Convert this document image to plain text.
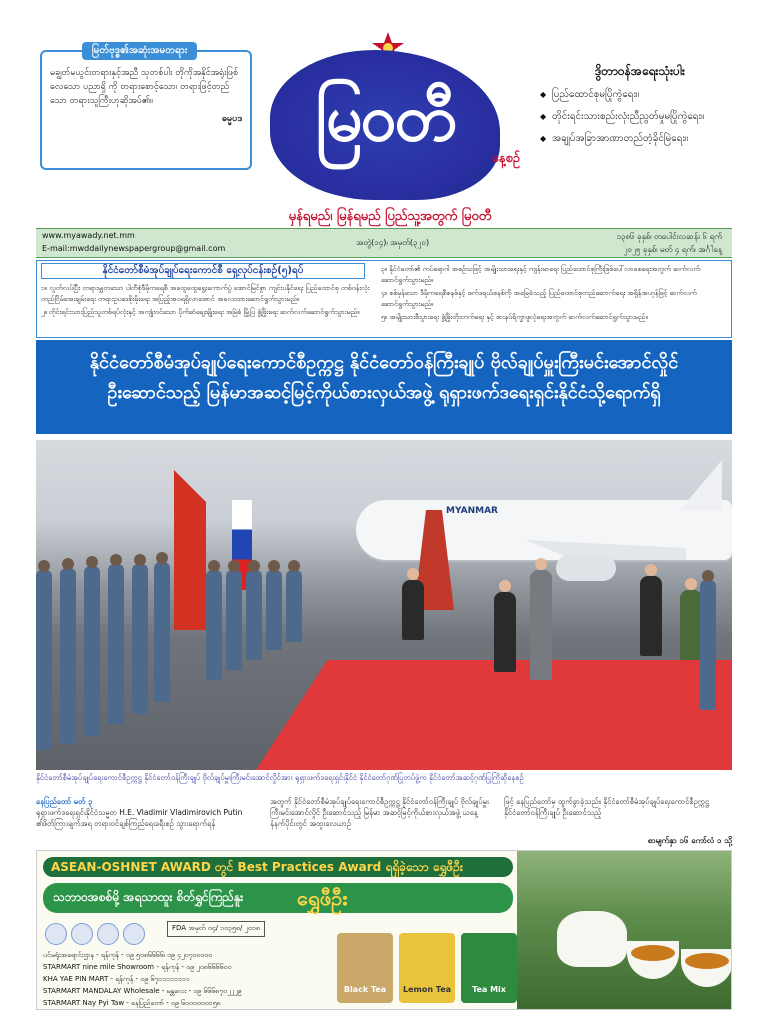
မြတ်ဗုဒ္ဓ၏အဆုံးအမတရား
မချွတ်မယွင်းတရားနှင့်အညီ သုတစ်ပါး တိုကိုအနိုင်အရုံးဖြစ်လေသော ပညာရှိ ကို တရားစောင့်သော၊ တရားဖြင့်တည်သော တရားသူကြီးဟုဆိုအပ်၏။
ဓမ္မပဒ	မြဝတီ
နေ့စဉ်
မှန်ရမည်၊ မြန်ရမည် ပြည်သူ့အတွက် မြဝတီ
ဒွိတာဝန်အရေးသုံးပါး
◆ ပြည်ထောင်စုမပြိုကွဲရေး။
◆ တိုင်းရင်းသားစည်းလုံးညီညွတ်မှုမပြိုကွဲရေး။
◆ အချုပ်အခြာအာဏာတည်တံ့ခိုင်မြဲရေး။
www.myawady.net.mm
E-mail:mwddailynewspapergroup@gmail.com
အတွဲ(၁၄)၊ အမှတ်(၃၂၀)
၁၃၈၆ ခုနှစ်၊ တပေါင်းလဆန်း ၆ ရက်
၂၀၂၅ ခုနှစ်၊ မတ် ၄ ရက်၊ အင်္ဂါနေ့
နိုင်ငံတော်စီမံအုပ်ချုပ်ရေးကောင်စီ ရှေ့လုပ်ငန်းစဉ်(၅)ရပ်

၁။ လွတ်လပ်ပြီး တရားမျှတသော ပါတီစုံဒီမိုကရေစီ အထွေထွေရွေးကောက်ပွဲ အောင်မြင်စွာ ကျင်းပနိုင်ရေး ပြည်ထောင်စု တစ်ဝန်းလုံး တည်ငြိမ်အေးချမ်းရေး တရားဥပဒေစိုးမိုးရေး အပြည့်အဝရရှိလာအောင် အလေးထားဆောင်ရွက်သွားမည်။

၂။ တိုင်းရင်းသားပြည်သူတစ်ရပ်လုံးနှင့် အကျုံးဝင်သော ပိုက်ဆံချေးချိုးရေး အမြဲခံ မြို့ပြ ဖွံ့ဖြိုးရေး ဆက်လက်ဆောင်ရွက်သွားမည်။

၃။ နိုင်ငံတော်၏ ကပ်ရောဂါ အစဉ်သဖြင့် အမျိုးသားရေးနှင့် ကျန်းမာရေး ပြည်ထောင်စုကြီးဖြစ်ပေါ်လာစေရေးအတွက် ဆက်လက်ဆောင်ရွက်သွားမည်။

၄။ စစ်မှန်သော ဒီမိုကရေစီစနစ်နှင့် ဖက်ဒရယ်စနစ်ကို အခြေခံသည့် ပြည်ထောင်စုတည်ဆောက်ရေး အရှိန်အဟုန်ဖြင့် ဆက်လက်ဆောင်ရွက်သွားမည်။

၅။ အမျိုးသားစီးပွားရေး ဖွံ့ဖြိုးတိုးတက်ရေး နှင့် စားနပ်ရိက္ခာဖူလုံရေးအတွက် ဆက်လက်ဆောင်ရွက်သွားမည်။

နိုင်ငံတော်စီမံအုပ်ချုပ်ရေးကောင်စီဥက္ကဋ္ဌ နိုင်ငံတော်ဝန်ကြီးချုပ် ဗိုလ်ချုပ်မှူးကြီးမင်းအောင်လှိုင်
ဦးဆောင်သည့် မြန်မာအဆင့်မြင့်ကိုယ်စားလှယ်အဖွဲ့ ရုရှားဖက်ဒရေးရှင်းနိုင်ငံသို့ရောက်ရှိ
MYANMAR
နိုင်ငံတော်စီမံအုပ်ချုပ်ရေးကောင်စီဥက္ကဋ္ဌ နိုင်ငံတော်ဝန်ကြီးချုပ် ဗိုလ်ချုပ်မှူးကြီးမင်းအောင်လှိုင်အား ရုရှားဖက်ဒရေးရှင်းနိုင်ငံ နိုင်ငံတော်ဂုဏ်ပြုတပ်ဖွဲ့က နိုင်ငံတော်အဆင့်ဂုဏ်ပြုကြိုဆိုနေစဉ်
နေပြည်တော် မတ် ၃
ရုရှားဖက်ဒရေးရှင်းနိုင်ငံသမ္မတ H.E. Vladimir Vladimirovich Putin ၏ဖိတ်ကြားချက်အရ တရားဝင်ချစ်ကြည်ရေးခရီးစဉ် သွားရောက်ရန်
အတွက် နိုင်ငံတော်စီမံအုပ်ချုပ်ရေးကောင်စီဥက္ကဋ္ဌ နိုင်ငံတော်ဝန်ကြီးချုပ် ဗိုလ်ချုပ်မှူးကြီးမင်းအောင်လှိုင် ဦးဆောင်သည့် မြန်မာ အဆင့်မြင့်ကိုယ်စားလှယ်အဖွဲ့ ယနေ့နံနက်ပိုင်းတွင် အထူးလေယာဉ်
ဖြင့် နေပြည်တော်မှ ထွက်ခွာခဲ့သည်။ နိုင်ငံတော်စီမံအုပ်ချုပ်ရေးကောင်စီဥက္ကဋ္ဌ နိုင်ငံတော်ဝန်ကြီးချုပ် ဦးဆောင်သည့်
စာမျက်နှာ ၁၆ ကော်လံ ၁ သို့
ASEAN-OSHNET AWARD တွင် Best Practices Award ရရှိခဲ့သော ရွှေဖီဦး
သဘာဝအစစ်မို့ အရသာထူး စိတ်ရွှင်ကြည်နူး	ရွှေဖီဦး
FDA အမှတ် ၀၄/ ၁၀၃၅၈/ ၂၀၁၈
ပင်မရုံးအရောင်းဌာန - ရန်ကုန် - ၀၉ ၅၀၈၆၆၆၆၊ ၀၉ ၄၂၀၇၀၀၀၀၀
STARMART nine mile Showroom - ရန်ကုန် - ၀၉ ၂၀၈၆၆၆၆၀၀
KHA YAE PIN MART - ရန်ကုန် - ၀၉ ၆၇၁၁၁၁၁၁၁၁
STARMART MANDALAY Wholesale - မန္တလေး - ၀၉ ၆၆၆၈၇၀၂၂၂၉
STARMART Nay Pyi Taw - နေပြည်တော် - ၀၉ ၆၀၀၀၀၀၀၁၅၈
Black Tea	Lemon Tea	Tea Mix
